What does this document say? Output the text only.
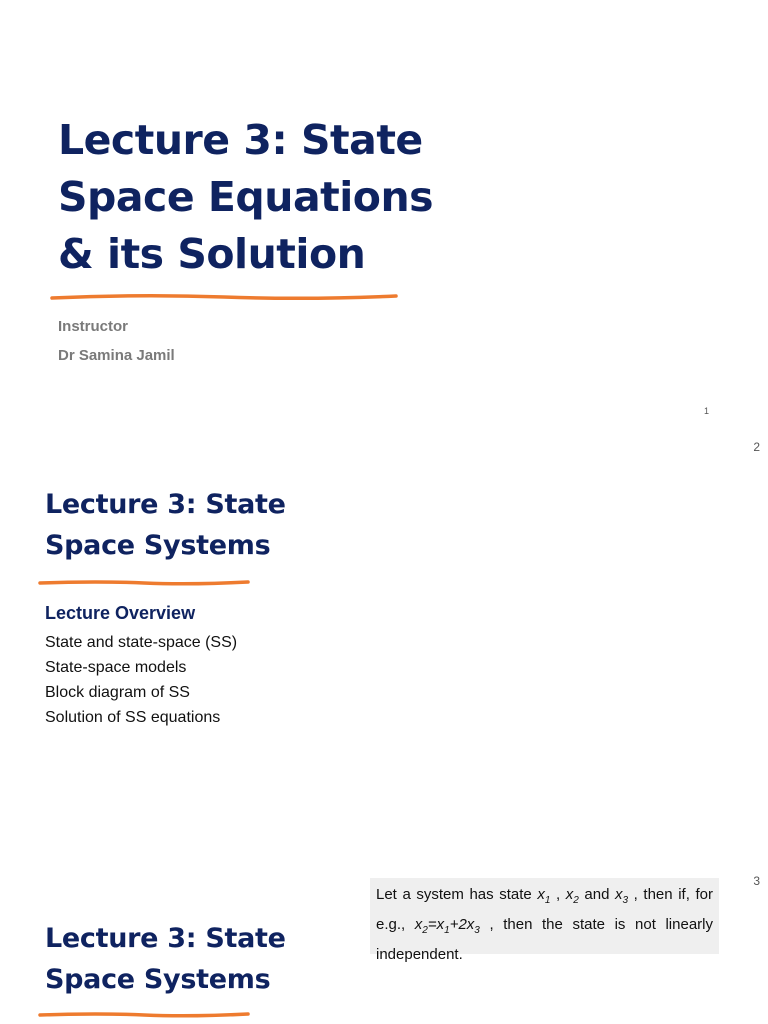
Lecture 3: State
Space Equations
& its Solution
Instructor
Dr Samina Jamil
1
2
Lecture 3: State
Space Systems
Lecture Overview
State and state-space (SS)
State-space models
Block diagram of SS
Solution of SS equations
3
Let a system has state $x_1$ , $x_2$ and $x_3$ , then if, for e.g., $x_2=x_1+2x_3$ , then the state is not linearly independent.
Lecture 3: State
Space Systems
